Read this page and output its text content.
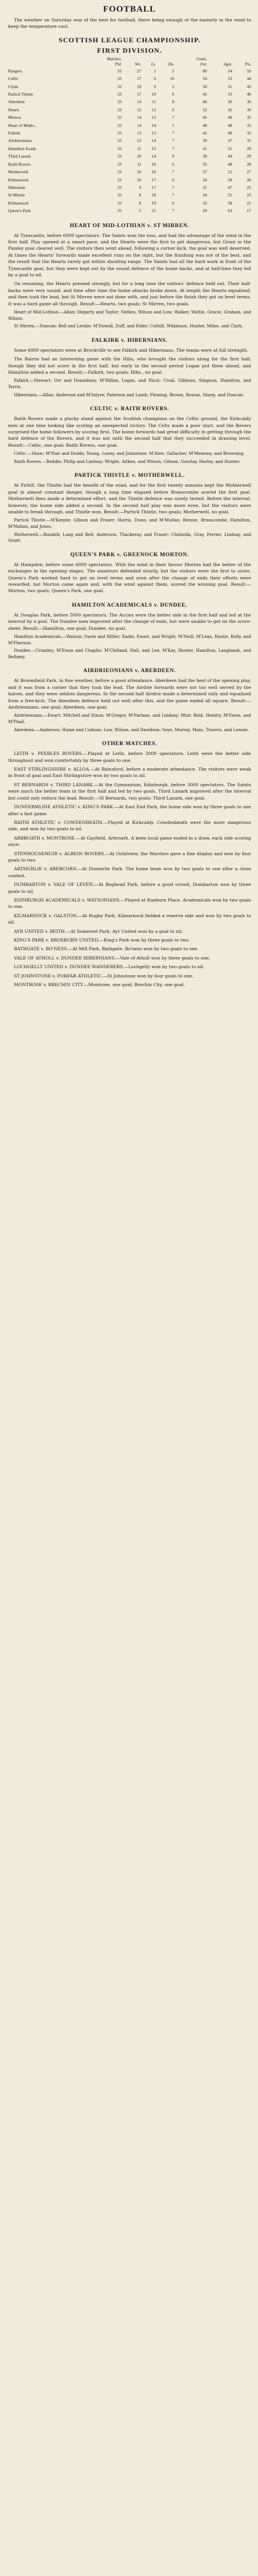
FOOTBALL

The weather on Saturday was of the best for football, there being enough of the easterly in the wind to keep the temperature cool.

SCOTTISH LEAGUE CHAMPIONSHIP.
FIRST DIVISION.
	Matches.				Goals.		
	Pld.	Wn.	Ls.	Dn.	For.	Agst.	Pts.
Rangers	33	27	1	5	80	24	59
Celtic	33	17	6	10	54	33	44
Clyde	33	19	9	5	50	31	43
Partick Thistle	33	17	10	6	45	33	40
Aberdeen	33	14	11	8	46	36	36
Hearts	33	15	12	6	52	42	36
Morton	33	14	12	7	45	40	35
Heart of Midlo...	33	14	14	5	48	48	33
Falkirk	33	13	13	7	42	40	33
Airdrieonians	33	12	14	7	39	47	31
Hamilton Acads.	33	11	15	7	41	51	29
Third Lanark	33	10	14	9	38	44	29
Raith Rovers	33	11	16	6	35	48	28
Motherwell	33	10	16	7	37	52	27
Kilmarnock	33	10	17	6	34	50	26
Hibernian	33	9	17	7	31	47	25
St Mirren	33	8	18	7	34	55	23
Kilmarnock	33	8	19	6	33	58	22
Queen's Park	33	5	21	7	29	63	17
HEART OF MID-LOTHIAN v. ST MIRREN.

At Tynecastle, before 6000 spectators. The Saints won the toss, and had the advantage of the wind in the first half. Play opened at a smart pace, and the Hearts were the first to get dangerous, but Grant in the Paisley goal cleared well. The visitors then went ahead, following a corner kick, the goal was well deserved. At times the Hearts' forwards made excellent runs on the right, but the finishing was not of the best, and the result that the Hearts rarely got within shooting range. The Saints had all the hard work in front of the Tynecastle goal, but they were kept out by the sound defence of the home backs, and at half-time they led by a goal to nil.

On resuming, the Hearts pressed strongly, but for a long time the visitors' defence held out. Their half-backs were very sound, and time after time the home attacks broke down. At length the Hearts equalised, and then took the lead, but St Mirren were not done with, and just before the finish they got on level terms. It was a hard game all through. Result:—Hearts, two goals; St Mirren, two goals.

Heart of Mid-Lothian.—Allan; Hegarty and Taylor; Nellies, Wilson and Low; Walker, Wattie, Gracie, Graham, and Wilson.

St Mirren.—Duncan; Bell and Leckie; M'Dowall, Duff, and Elder; Cuthill, Wilkinson, Hunter, Milne, and Clark.

FALKIRK v. HIBERNIANS.

Some 6000 spectators were at Brockville to see Falkirk and Hibernians. The teams were at full strength.

The Bairns had an interesting game with the Hibs, who brought the visitors along for the first half, though they did not score in the first half, but early in the second period Logan put them ahead, and Hamilton added a second. Result:—Falkirk, two goals; Hibs., no goal.

Falkirk.—Stewart; Orr and Donaldson; M'Millan, Logan, and Nicol; Croal, Gibbons, Simpson, Hamilton, and Terris.

Hibernians.—Allan; Anderson and M'Intyre; Paterson and Lamb; Fleming, Brown, Rowan, Sharp, and Duncan.

CELTIC v. RAITH ROVERS.

Raith Rovers made a plucky stand against the Scottish champions on the Celtic ground, the Kirkcaldy men at one time looking like scoring an unexpected victory. The Celts made a poor start, and the Rovers surprised the home followers by scoring first. The home forwards had great difficulty in getting through the hard defence of the Rovers, and it was not until the second half that they succeeded in drawing level. Result:—Celtic, one goal; Raith Rovers, one goal.

Celtic.—Shaw; M'Nair and Dodds; Young, Loney, and Johnstone; M'Atee, Gallacher, M'Menemy, and Browning.

Raith Rovers.—Reddie; Philip and Lindsay; Wright, Aitken, and Wilson; Gibson, Gourlay, Harley, and Hunter.

PARTICK THISTLE v. MOTHERWELL.

At Firhill, the Thistle had the benefit of the wind, and for the first twenty minutes kept the Motherwell goal in almost constant danger, though a long time elapsed before Branscombe scored the first goal. Motherwell then made a determined effort, and the Thistle defence was sorely tested. Before the interval, however, the home side added a second. In the second half play was more even, but the visitors were unable to break through, and Thistle won. Result:—Partick Thistle, two goals; Motherwell, no goal.

Partick Thistle.—M'Kenzie; Gibson and Fraser; Harris, Dunn, and M'Mullan; Bennie, Branscombe, Hamilton, M'Mahon, and Jones.

Motherwell.—Rundell; Lang and Bell; Anderson, Thackeray, and Fraser; Chisholm, Gray, Ferrier, Lindsay, and Grant.

QUEEN'S PARK v. GREENOCK MORTON.

At Hampden, before some 6000 spectators. With the wind in their favour Morton had the better of the exchanges in the opening stages. The amateurs defended stoutly, but the visitors were the first to score. Queen's Park worked hard to get on level terms and soon after the change of ends their efforts were rewarded, but Morton came again and, with the wind against them, scored the winning goal. Result:—Morton, two goals; Queen's Park, one goal.

HAMILTON ACADEMICALS v. DUNDEE.

At Douglas Park, before 5000 spectators. The Accies were the better side in the first half and led at the interval by a goal. The Dundee men improved after the change of ends, but were unable to get on the score-sheet. Result:—Hamilton, one goal; Dundee, no goal.

Hamilton Academicals.—Watson; Davie and Miller; Eadie, Ewart, and Wright; M'Neill, M'Lean, Hastie, Kelly, and M'Pherson.

Dundee.—Crumley; M'Ewan and Chaplin; M'Clelland, Hall, and Lee; M'Kay, Hunter, Hamilton, Langlands, and Bellamy.

AIRDRIEONIANS v. ABERDEEN.

At Broomfield Park, in fine weather, before a good attendance. Aberdeen had the best of the opening play, and it was from a corner that they took the lead. The Airdrie forwards were not too well served by the halves, and they were seldom dangerous. In the second half Airdrie made a determined rally and equalised from a free-kick. The Aberdeen defence held out well after this, and the game ended all square. Result:—Airdrieonians, one goal; Aberdeen, one goal.

Airdrieonians.—Ewart; Mitchell and Dixon; M'Gregor, M'Farlane, and Lindsay; Muir, Reid, Hendry, M'Ewan, and M'Phail.

Aberdeen.—Anderson; Hume and Colman; Low, Wilson, and Davidson; Soye, Murray, Main, Travers, and Lennie.

OTHER MATCHES.

LEITH v. PEEBLES ROVERS.—Played at Leith, before 3000 spectators. Leith were the better side throughout and won comfortably by three goals to one.

EAST STIRLINGSHIRE v. ALLOA.—At Bainsford, before a moderate attendance. The visitors were weak in front of goal and East Stirlingshire won by two goals to nil.

ST BERNARDS v. THIRD LANARK.—At the Gymnasium, Edinburgh, before 3000 spectators. The Saints were much the better team in the first half and led by two goals. Third Lanark improved after the interval but could only reduce the lead. Result:—St Bernards, two goals; Third Lanark, one goal.

DUNFERMLINE ATHLETIC v. KING'S PARK.—At East End Park, the home side won by three goals to one after a fast game.

RAITH ATHLETIC v. COWDENBEATH.—Played at Kirkcaldy. Cowdenbeath were the more dangerous side, and won by two goals to nil.

ARBROATH v. MONTROSE.—At Gayfield, Arbroath. A keen local game ended in a draw, each side scoring once.

STENHOUSEMUIR v. ALBION ROVERS.—At Ochilview, the Warriors gave a fine display and won by four goals to two.

ARTHURLIE v. ABERCORN.—At Dunterlie Park. The home team won by two goals to one after a close contest.

DUMBARTON v. VALE OF LEVEN.—At Boghead Park, before a good crowd. Dumbarton won by three goals to nil.

EDINBURGH ACADEMICALS v. WATSONIANS.—Played at Raeburn Place. Academicals won by two goals to one.

KILMARNOCK v. GALSTON.—At Rugby Park. Kilmarnock fielded a reserve side and won by two goals to nil.

AYR UNITED v. BEITH.—At Somerset Park. Ayr United won by a goal to nil.

KING'S PARK v. BROXBURN UNITED.—King's Park won by three goals to two.

BATHGATE v. BO'NESS.—At Mill Park, Bathgate. Bo'ness won by two goals to one.

VALE OF ATHOLL v. DUNDEE HIBERNIANS.—Vale of Atholl won by three goals to one.

LOCHGELLY UNITED v. DUNDEE WANDERERS.—Lochgelly won by two goals to nil.

ST JOHNSTONE v. FORFAR ATHLETIC.—St Johnstone won by four goals to one.

MONTROSE v. BRECHIN CITY.—Montrose, one goal; Brechin City, one goal.
